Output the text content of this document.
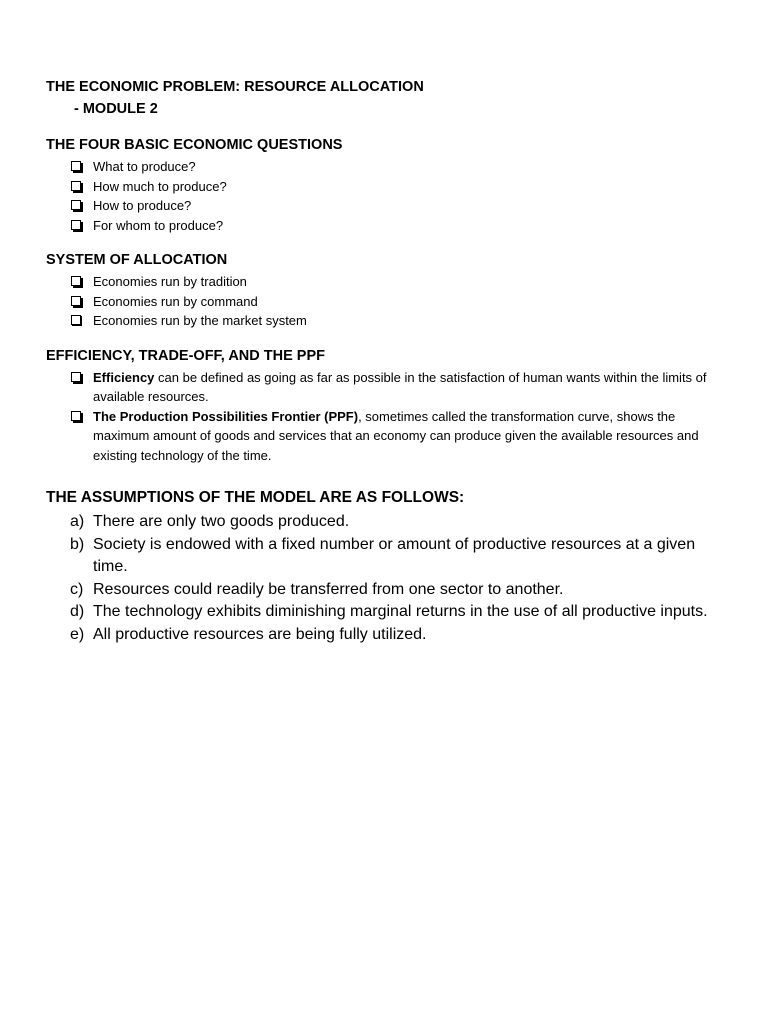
THE ECONOMIC PROBLEM: RESOURCE ALLOCATION

- MODULE 2

THE FOUR BASIC ECONOMIC QUESTIONS

What to produce?
How much to produce?
How to produce?
For whom to produce?

SYSTEM OF ALLOCATION

Economies run by tradition
Economies run by command
Economies run by the market system

EFFICIENCY, TRADE-OFF, AND THE PPF

Efficiency can be defined as going as far as possible in the satisfaction of human wants within the limits of available resources.
The Production Possibilities Frontier (PPF), sometimes called the transformation curve, shows the maximum amount of goods and services that an economy can produce given the available resources and existing technology of the time.

THE ASSUMPTIONS OF THE MODEL ARE AS FOLLOWS:

a) There are only two goods produced.
b) Society is endowed with a fixed number or amount of productive resources at a given time.
c) Resources could readily be transferred from one sector to another.
d) The technology exhibits diminishing marginal returns in the use of all productive inputs.
e) All productive resources are being fully utilized.
